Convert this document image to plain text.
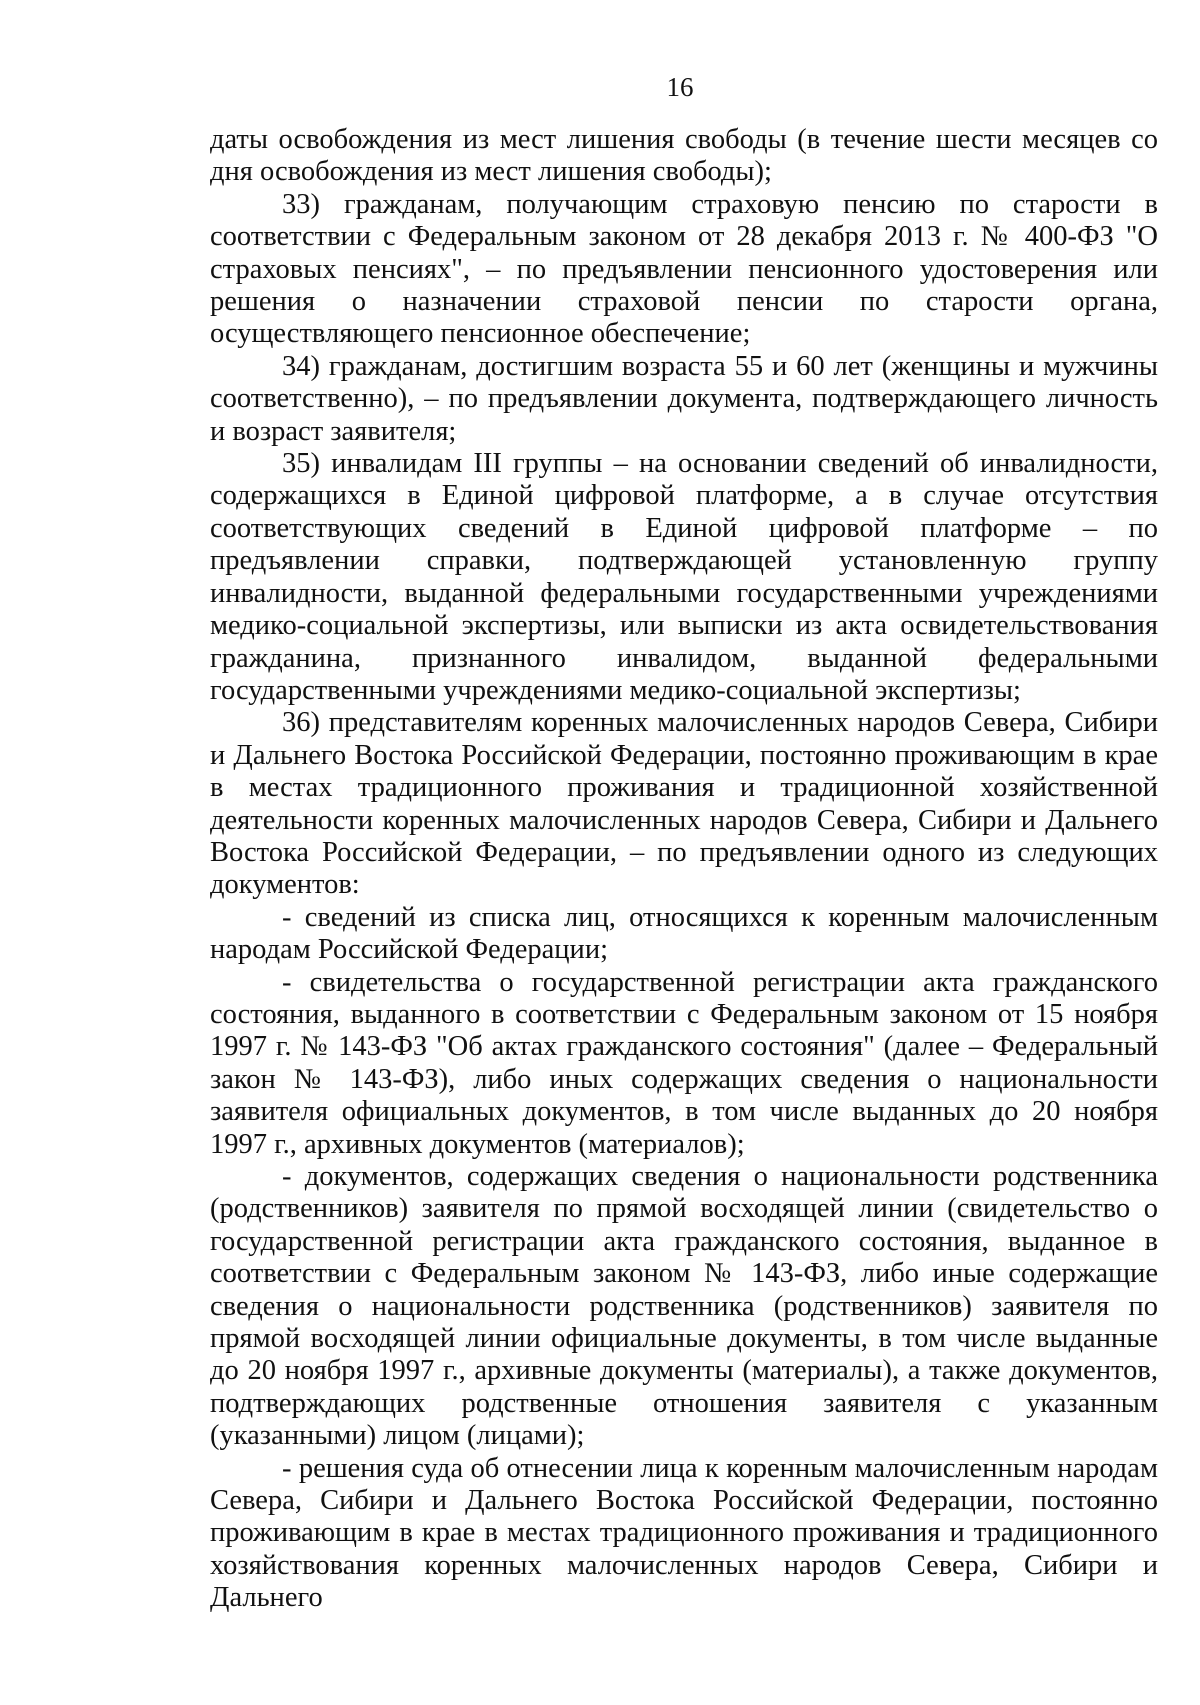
16

даты освобождения из мест лишения свободы (в течение шести месяцев со дня освобождения из мест лишения свободы);

33) гражданам, получающим страховую пенсию по старости в соответствии с Федеральным законом от 28 декабря 2013 г. № 400-ФЗ "О страховых пенсиях", – по предъявлении пенсионного удостоверения или решения о назначении страховой пенсии по старости органа, осуществляющего пенсионное обеспечение;

34) гражданам, достигшим возраста 55 и 60 лет (женщины и мужчины соответственно), – по предъявлении документа, подтверждающего личность и возраст заявителя;

35) инвалидам III группы – на основании сведений об инвалидности, содержащихся в Единой цифровой платформе, а в случае отсутствия соответствующих сведений в Единой цифровой платформе – по предъявлении справки, подтверждающей установленную группу инвалидности, выданной федеральными государственными учреждениями медико-социальной экспертизы, или выписки из акта освидетельствования гражданина, признанного инвалидом, выданной федеральными государственными учреждениями медико-социальной экспертизы;

36) представителям коренных малочисленных народов Севера, Сибири и Дальнего Востока Российской Федерации, постоянно проживающим в крае в местах традиционного проживания и традиционной хозяйственной деятельности коренных малочисленных народов Севера, Сибири и Дальнего Востока Российской Федерации, – по предъявлении одного из следующих документов:

- сведений из списка лиц, относящихся к коренным малочисленным народам Российской Федерации;

- свидетельства о государственной регистрации акта гражданского состояния, выданного в соответствии с Федеральным законом от 15 ноября 1997 г. № 143-ФЗ "Об актах гражданского состояния" (далее – Федеральный закон № 143-ФЗ), либо иных содержащих сведения о национальности заявителя официальных документов, в том числе выданных до 20 ноября 1997 г., архивных документов (материалов);

- документов, содержащих сведения о национальности родственника (родственников) заявителя по прямой восходящей линии (свидетельство о государственной регистрации акта гражданского состояния, выданное в соответствии с Федеральным законом № 143-ФЗ, либо иные содержащие сведения о национальности родственника (родственников) заявителя по прямой восходящей линии официальные документы, в том числе выданные до 20 ноября 1997 г., архивные документы (материалы), а также документов, подтверждающих родственные отношения заявителя с указанным (указанными) лицом (лицами);

- решения суда об отнесении лица к коренным малочисленным народам Севера, Сибири и Дальнего Востока Российской Федерации, постоянно проживающим в крае в местах традиционного проживания и традиционного хозяйствования коренных малочисленных народов Севера, Сибири и Дальнего
